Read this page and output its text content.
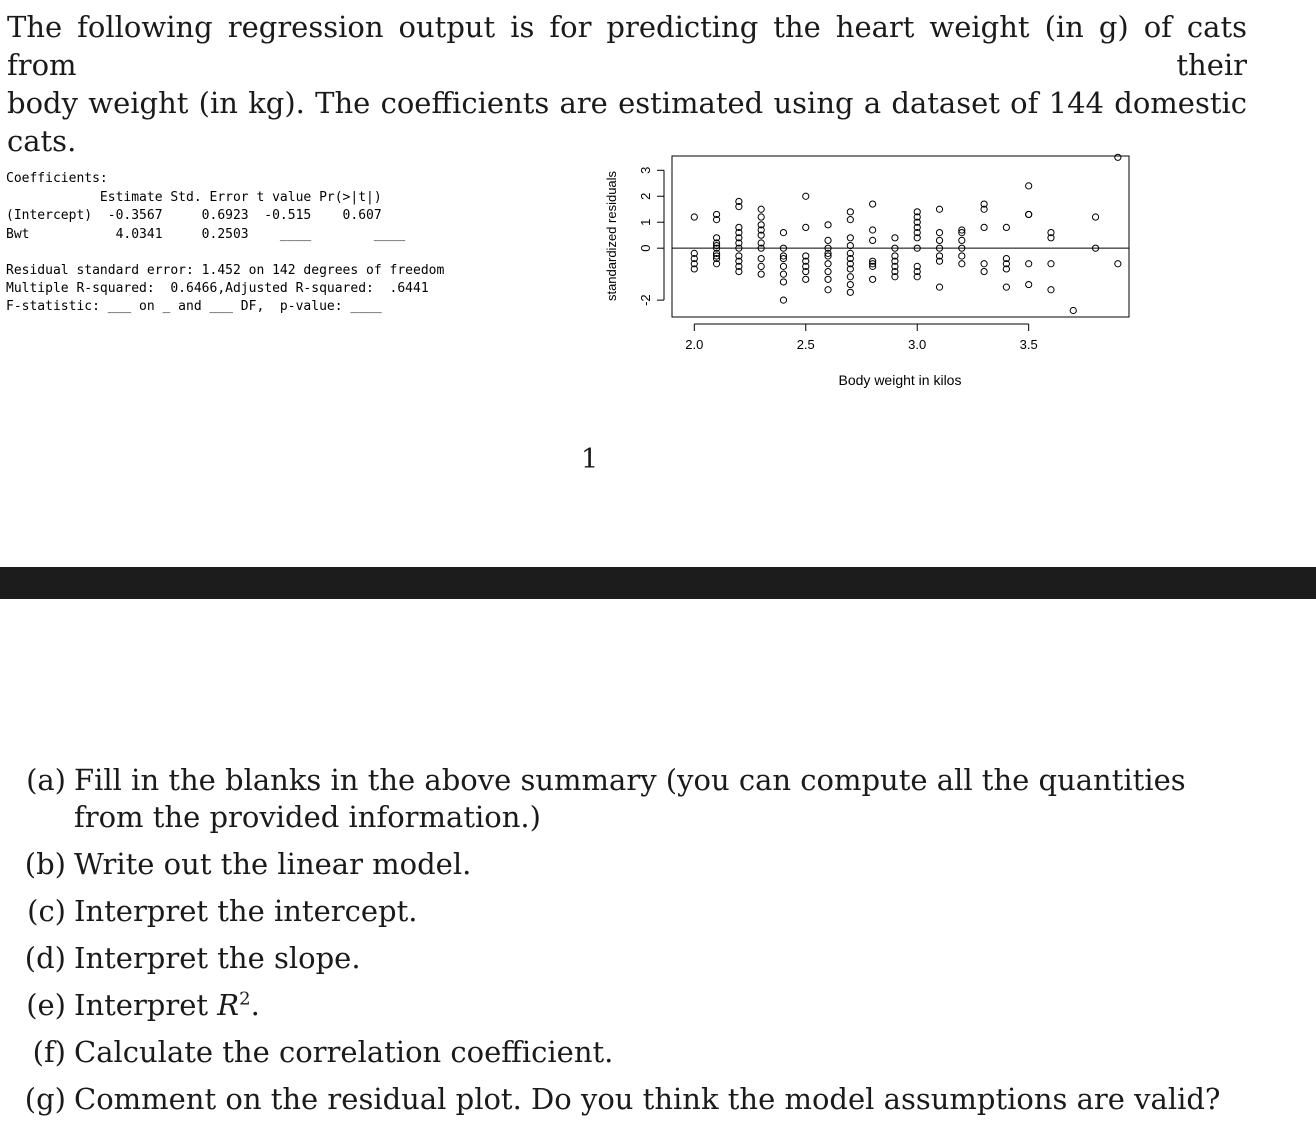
The following regression output is for predicting the heart weight (in g) of cats from their
body weight (in kg). The coefficients are estimated using a dataset of 144 domestic cats.

Coefficients:
Estimate Std. Error t value Pr(>|t|)
(Intercept)  -0.3567     0.6923  -0.515    0.607
Bwt           4.0341     0.2503    ____        ____
Residual standard error: 1.452 on 142 degrees of freedom
Multiple R-squared:  0.6466,Adjusted R-squared:  .6441
F-statistic: ___ on _ and ___ DF,  p-value: ____
2.0	2.5	3.0	3.5
-2
0
1
2
3
Body weight in kilos
standardized residuals
1
(a) Fill in the blanks in the above summary (you can compute all the quantities from the provided information.)
(b) Write out the linear model.
(c) Interpret the intercept.
(d) Interpret the slope.
(e) Interpret $R^2$.
(f) Calculate the correlation coefficient.
(g) Comment on the residual plot. Do you think the model assumptions are valid?
